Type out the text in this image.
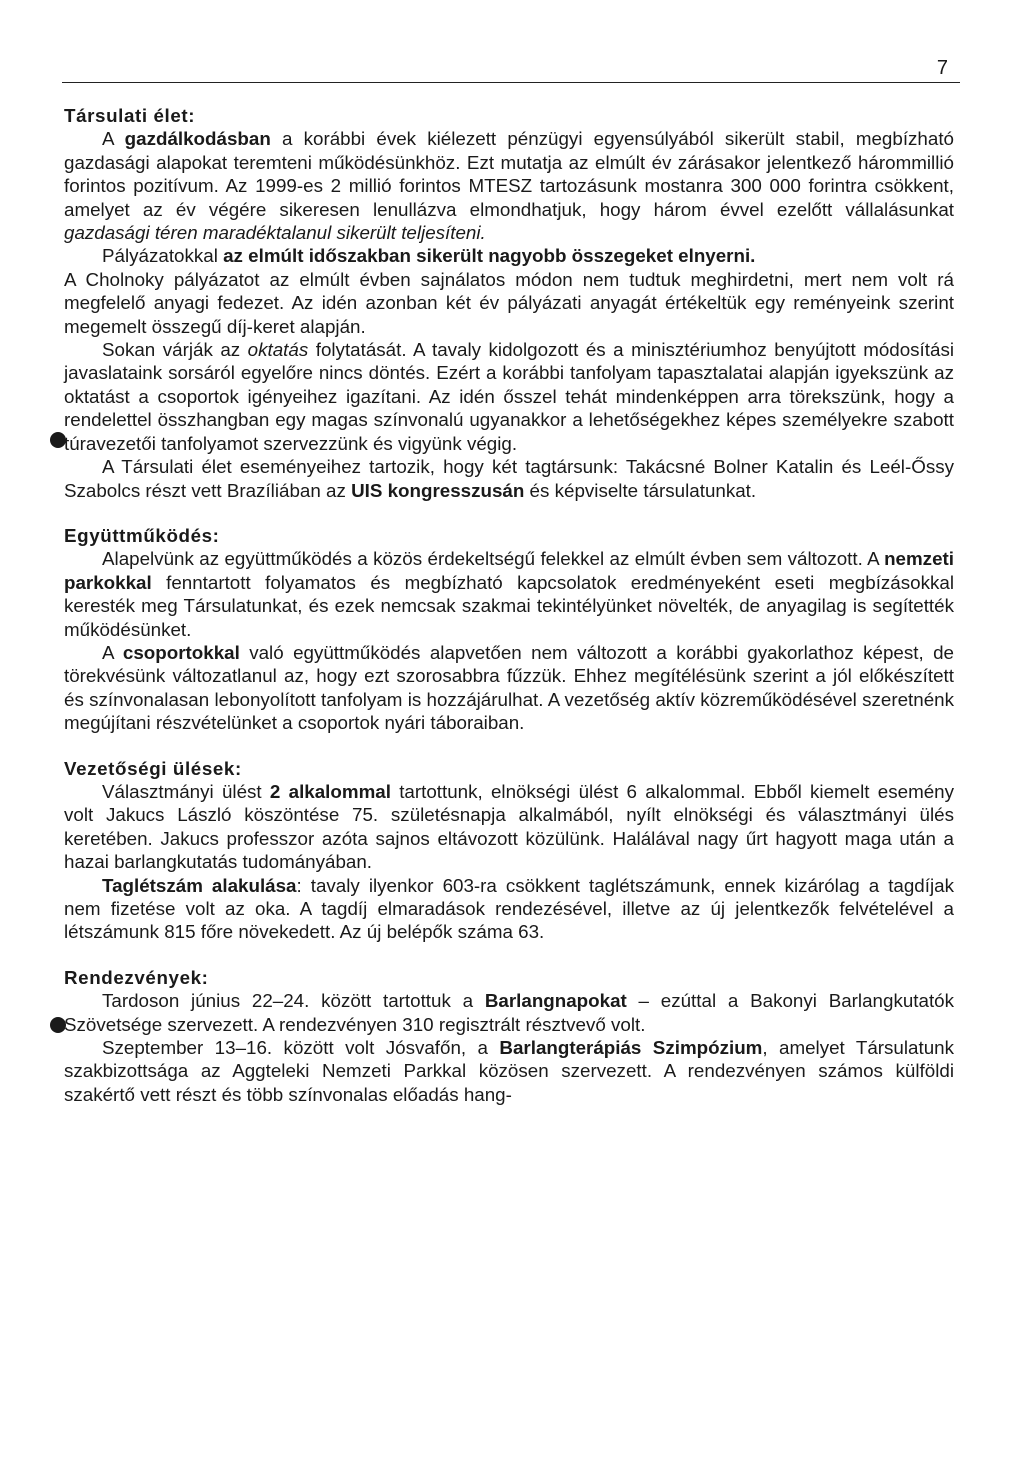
7
Társulati élet:

A gazdálkodásban a korábbi évek kiélezett pénzügyi egyensúlyából sikerült stabil, megbízható gazdasági alapokat teremteni működésünkhöz. Ezt mutatja az elmúlt év zárásakor jelentkező hárommillió forintos pozitívum. Az 1999-es 2 millió forintos MTESZ tartozásunk mostanra 300 000 forintra csökkent, amelyet az év végére sikeresen lenullázva elmondhatjuk, hogy három évvel ezelőtt vállalásunkat gazdasági téren maradéktalanul sikerült teljesíteni.

Pályázatokkal az elmúlt időszakban sikerült nagyobb összegeket elnyerni.

A Cholnoky pályázatot az elmúlt évben sajnálatos módon nem tudtuk meghirdetni, mert nem volt rá megfelelő anyagi fedezet. Az idén azonban két év pályázati anyagát értékeltük egy reményeink szerint megemelt összegű díj-keret alapján.

Sokan várják az oktatás folytatását. A tavaly kidolgozott és a minisztériumhoz benyújtott módosítási javaslataink sorsáról egyelőre nincs döntés. Ezért a korábbi tanfolyam tapasztalatai alapján igyekszünk az oktatást a csoportok igényeihez igazítani. Az idén ősszel tehát mindenképpen arra törekszünk, hogy a rendelettel összhangban egy magas színvonalú ugyanakkor a lehetőségekhez képes személyekre szabott túravezetői tanfolyamot szervezzünk és vigyünk végig.

A Társulati élet eseményeihez tartozik, hogy két tagtársunk: Takácsné Bolner Katalin és Leél-Őssy Szabolcs részt vett Brazíliában az UIS kongresszusán és képviselte társulatunkat.

Együttműködés:

Alapelvünk az együttműködés a közös érdekeltségű felekkel az elmúlt évben sem változott. A nemzeti parkokkal fenntartott folyamatos és megbízható kapcsolatok eredményeként eseti megbízásokkal keresték meg Társulatunkat, és ezek nemcsak szakmai tekintélyünket növelték, de anyagilag is segítették működésünket.

A csoportokkal való együttműködés alapvetően nem változott a korábbi gyakorlathoz képest, de törekvésünk változatlanul az, hogy ezt szorosabbra fűzzük. Ehhez megítélésünk szerint a jól előkészített és színvonalasan lebonyolított tanfolyam is hozzájárulhat. A vezetőség aktív közreműködésével szeretnénk megújítani részvételünket a csoportok nyári táboraiban.

Vezetőségi ülések:

Választmányi ülést 2 alkalommal tartottunk, elnökségi ülést 6 alkalommal. Ebből kiemelt esemény volt Jakucs László köszöntése 75. születésnapja alkalmából, nyílt elnökségi és választmányi ülés keretében. Jakucs professzor azóta sajnos eltávozott közülünk. Halálával nagy űrt hagyott maga után a hazai barlangkutatás tudományában.

Taglétszám alakulása: tavaly ilyenkor 603-ra csökkent taglétszámunk, ennek kizárólag a tagdíjak nem fizetése volt az oka. A tagdíj elmaradások rendezésével, illetve az új jelentkezők felvételével a létszámunk 815 főre növekedett. Az új belépők száma 63.

Rendezvények:

Tardoson június 22–24. között tartottuk a Barlangnapokat – ezúttal a Bakonyi Barlangkutatók Szövetsége szervezett. A rendezvényen 310 regisztrált résztvevő volt.

Szeptember 13–16. között volt Jósvafőn, a Barlangterápiás Szimpózium, amelyet Társulatunk szakbizottsága az Aggteleki Nemzeti Parkkal közösen szervezett. A rendezvényen számos külföldi szakértő vett részt és több színvonalas előadás hang-
